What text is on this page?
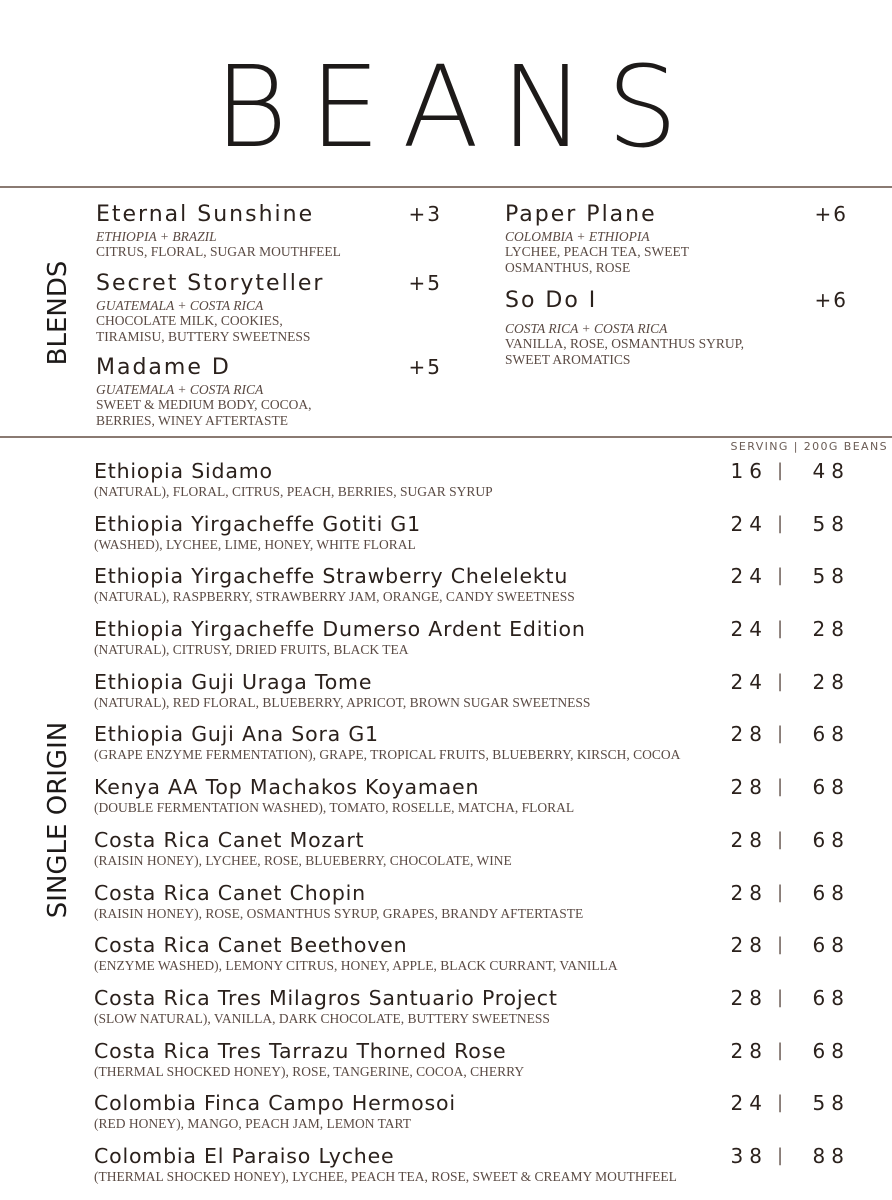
BEANS
BLENDS
Eternal Sunshine	+3
ETHIOPIA + BRAZIL
CITRUS, FLORAL, SUGAR MOUTHFEEL
Secret Storyteller	+5
GUATEMALA + COSTA RICA
CHOCOLATE MILK, COOKIES,
TIRAMISU, BUTTERY SWEETNESS
Madame D	+5
GUATEMALA + COSTA RICA
SWEET & MEDIUM BODY, COCOA,
BERRIES, WINEY AFTERTASTE
Paper Plane	+6
COLOMBIA + ETHIOPIA
LYCHEE, PEACH TEA, SWEET
OSMANTHUS, ROSE
So Do I	+6
COSTA RICA + COSTA RICA
VANILLA, ROSE, OSMANTHUS SYRUP,
SWEET AROMATICS
SERVING | 200G BEANS
SINGLE ORIGIN
Ethiopia Sidamo
(NATURAL), FLORAL, CITRUS, PEACH, BERRIES, SUGAR SYRUP
16 |	48
Ethiopia Yirgacheffe Gotiti G1
(WASHED), LYCHEE, LIME, HONEY, WHITE FLORAL
24 |	58
Ethiopia Yirgacheffe Strawberry Chelelektu
(NATURAL), RASPBERRY, STRAWBERRY JAM, ORANGE, CANDY SWEETNESS
24 |	58
Ethiopia Yirgacheffe Dumerso Ardent Edition
(NATURAL), CITRUSY, DRIED FRUITS, BLACK TEA
24 |	28
Ethiopia Guji Uraga Tome
(NATURAL), RED FLORAL, BLUEBERRY, APRICOT, BROWN SUGAR SWEETNESS
24 |	28
Ethiopia Guji Ana Sora G1
(GRAPE ENZYME FERMENTATION), GRAPE, TROPICAL FRUITS, BLUEBERRY, KIRSCH, COCOA
28 |	68
Kenya AA Top Machakos Koyamaen
(DOUBLE FERMENTATION WASHED), TOMATO, ROSELLE, MATCHA, FLORAL
28 |	68
Costa Rica Canet Mozart
(RAISIN HONEY), LYCHEE, ROSE, BLUEBERRY, CHOCOLATE, WINE
28 |	68
Costa Rica Canet Chopin
(RAISIN HONEY), ROSE, OSMANTHUS SYRUP, GRAPES, BRANDY AFTERTASTE
28 |	68
Costa Rica Canet Beethoven
(ENZYME WASHED), LEMONY CITRUS, HONEY, APPLE, BLACK CURRANT, VANILLA
28 |	68
Costa Rica Tres Milagros Santuario Project
(SLOW NATURAL), VANILLA, DARK CHOCOLATE, BUTTERY SWEETNESS
28 |	68
Costa Rica Tres Tarrazu Thorned Rose
(THERMAL SHOCKED HONEY), ROSE, TANGERINE, COCOA, CHERRY
28 |	68
Colombia Finca Campo Hermosoi
(RED HONEY), MANGO, PEACH JAM, LEMON TART
24 |	58
Colombia El Paraiso Lychee
(THERMAL SHOCKED HONEY), LYCHEE, PEACH TEA, ROSE, SWEET & CREAMY MOUTHFEEL
38 |	88
